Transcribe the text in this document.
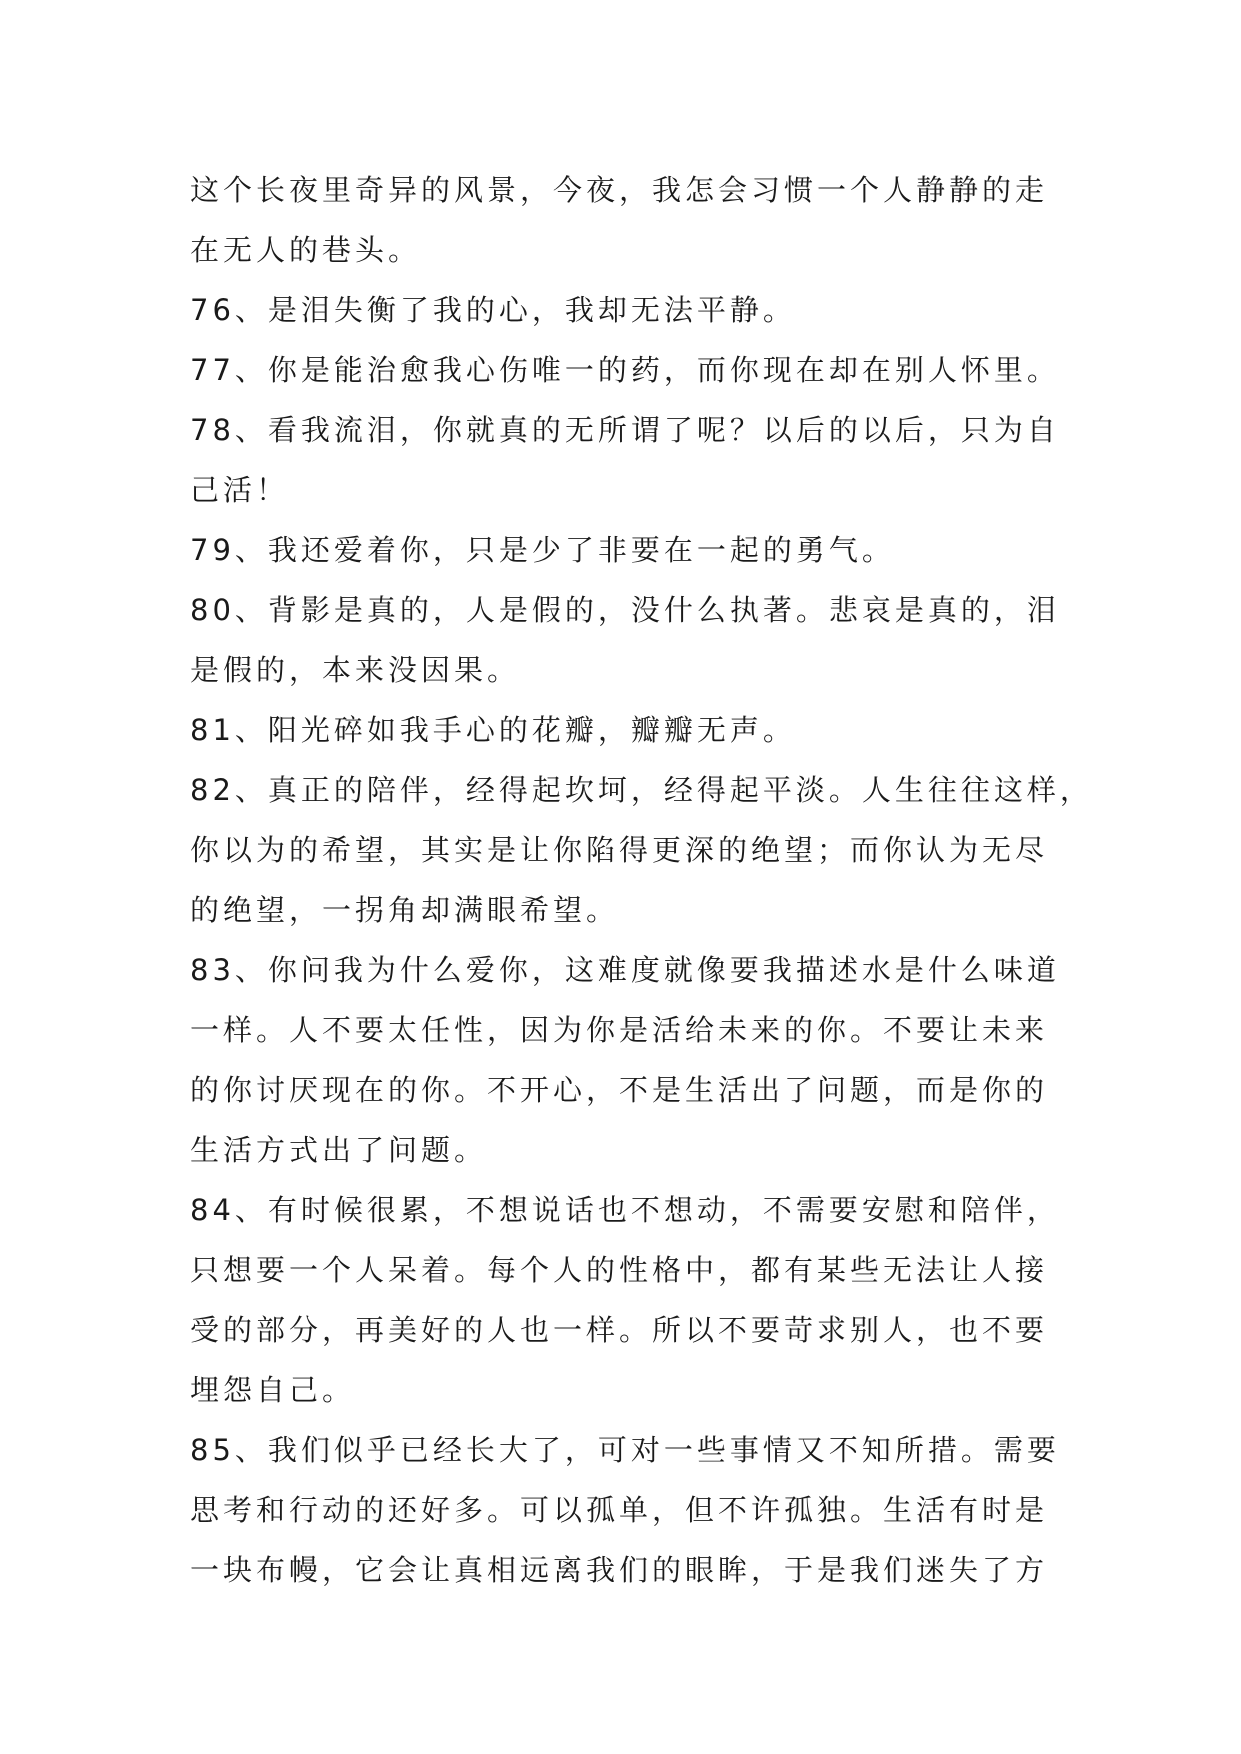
这个长夜里奇异的风景，今夜，我怎会习惯一个人静静的走
在无人的巷头。
76、是泪失衡了我的心，我却无法平静。
77、你是能治愈我心伤唯一的药，而你现在却在别人怀里。
78、看我流泪，你就真的无所谓了呢？以后的以后，只为自
己活！
79、我还爱着你，只是少了非要在一起的勇气。
80、背影是真的，人是假的，没什么执著。悲哀是真的，泪
是假的，本来没因果。
81、阳光碎如我手心的花瓣，瓣瓣无声。
82、真正的陪伴，经得起坎坷，经得起平淡。人生往往这样，
你以为的希望，其实是让你陷得更深的绝望；而你认为无尽
的绝望，一拐角却满眼希望。
83、你问我为什么爱你，这难度就像要我描述水是什么味道
一样。人不要太任性，因为你是活给未来的你。不要让未来
的你讨厌现在的你。不开心，不是生活出了问题，而是你的
生活方式出了问题。
84、有时候很累，不想说话也不想动，不需要安慰和陪伴，
只想要一个人呆着。每个人的性格中，都有某些无法让人接
受的部分，再美好的人也一样。所以不要苛求别人，也不要
埋怨自己。
85、我们似乎已经长大了，可对一些事情又不知所措。需要
思考和行动的还好多。可以孤单，但不许孤独。生活有时是
一块布幔，它会让真相远离我们的眼眸，于是我们迷失了方
